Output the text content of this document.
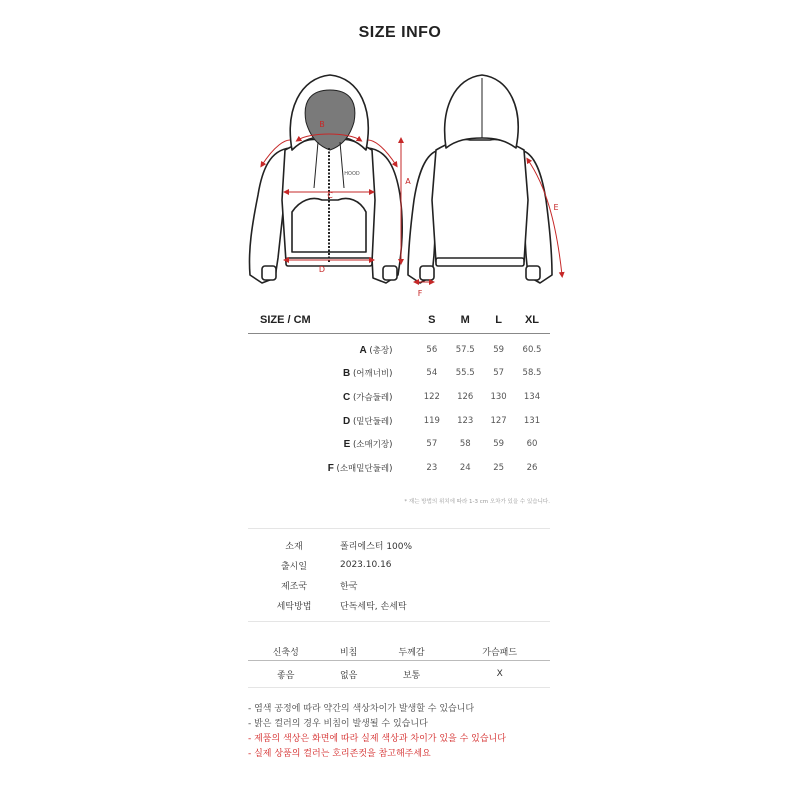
SIZE INFO
HOOD
B
C
D
A
E
F
SIZE / CM	S	M	L	XL
A (총장)	56	57.5	59	60.5
B (어깨너비)	54	55.5	57	58.5
C (가슴둘레)	122	126	130	134
D (밑단둘레)	119	123	127	131
E (소매기장)	57	58	59	60
F (소매밑단둘레)	23	24	25	26
* 재는 방법의 위치에 따라 1-3 cm 오차가 있을 수 있습니다.
소재	폴리에스터 100%
출시일	2023.10.16
제조국	한국
세탁방법	단독세탁, 손세탁
신축성	비침	두께감	가슴패드
좋음	없음	보통	X
- 염색 공정에 따라 약간의 색상차이가 발생할 수 있습니다
- 밝은 컬러의 경우 비침이 발생될 수 있습니다
- 제품의 색상은 화면에 따라 실제 색상과 차이가 있을 수 있습니다
- 실제 상품의 컬러는 호리존컷을 참고해주세요
